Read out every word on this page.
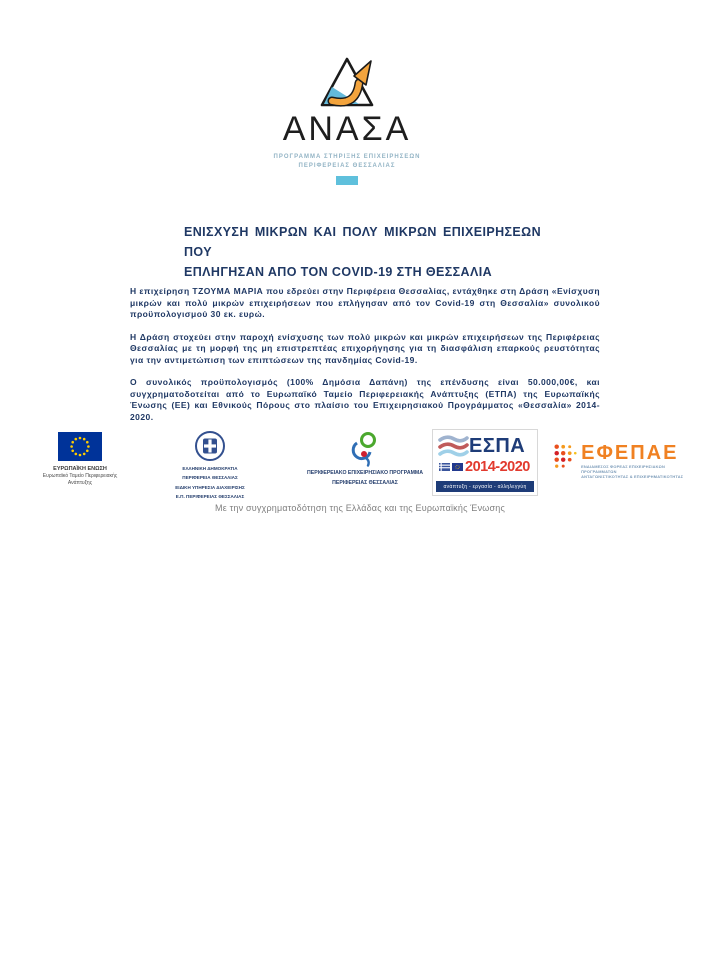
ΑΝΑΣΑ
ΠΡΟΓΡΑΜΜΑ ΣΤΗΡΙΞΗΣ ΕΠΙΧΕΙΡΗΣΕΩΝ
ΠΕΡΙΦΕΡΕΙΑΣ ΘΕΣΣΑΛΙΑΣ
ΕΝΙΣΧΥΣΗ ΜΙΚΡΩΝ ΚΑΙ ΠΟΛΥ ΜΙΚΡΩΝ ΕΠΙΧΕΙΡΗΣΕΩΝ ΠΟΥ
ΕΠΛΗΓΗΣΑΝ ΑΠΟ ΤΟΝ COVID-19 ΣΤΗ ΘΕΣΣΑΛΙΑ

Η επιχείρηση ΤΖΟΥΜΑ ΜΑΡΙΑ που εδρεύει στην Περιφέρεια Θεσσαλίας, εντάχθηκε στη Δράση «Ενίσχυση μικρών και πολύ μικρών επιχειρήσεων που επλήγησαν από τον Covid-19 στη Θεσσαλία» συνολικού προϋπολογισμού 30 εκ. ευρώ.

Η Δράση στοχεύει στην παροχή ενίσχυσης των πολύ μικρών και μικρών επιχειρήσεων της Περιφέρειας Θεσσαλίας με τη μορφή της μη επιστρεπτέας επιχορήγησης για τη διασφάλιση επαρκούς ρευστότητας για την αντιμετώπιση των επιπτώσεων της πανδημίας Covid-19.

Ο συνολικός προϋπολογισμός (100% Δημόσια Δαπάνη) της επένδυσης είναι 50.000,00€, και συγχρηματοδοτείται από το Ευρωπαϊκό Ταμείο Περιφερειακής Ανάπτυξης (ΕΤΠΑ) της Ευρωπαϊκής Ένωσης (ΕΕ) και Εθνικούς Πόρους στο πλαίσιο του Επιχειρησιακού Προγράμματος «Θεσσαλία» 2014-2020.

ΕΥΡΩΠΑΪΚΗ ΕΝΩΣΗ
Ευρωπαϊκό Ταμείο Περιφερειακής
Ανάπτυξης
ΕΛΛΗΝΙΚΗ ΔΗΜΟΚΡΑΤΙΑ
ΠΕΡΙΦΕΡΕΙΑ ΘΕΣΣΑΛΙΑΣ
ΕΙΔΙΚΗ ΥΠΗΡΕΣΙΑ ΔΙΑΧΕΙΡΙΣΗΣ
Ε.Π. ΠΕΡΙΦΕΡΕΙΑΣ ΘΕΣΣΑΛΙΑΣ
ΠΕΡΙΦΕΡΕΙΑΚΟ ΕΠΙΧΕΙΡΗΣΙΑΚΟ ΠΡΟΓΡΑΜΜΑ
ΠΕΡΙΦΕΡΕΙΑΣ ΘΕΣΣΑΛΙΑΣ
ΕΣΠΑ
2014-2020
ανάπτυξη - εργασία - αλληλεγγύη
ΕΦΕΠΑΕ
ΕΝΔΙΑΜΕΣΟΣ ΦΟΡΕΑΣ ΕΠΙΧΕΙΡΗΣΙΑΚΩΝ ΠΡΟΓΡΑΜΜΑΤΩΝ
ΑΝΤΑΓΩΝΙΣΤΙΚΟΤΗΤΑΣ & ΕΠΙΧΕΙΡΗΜΑΤΙΚΟΤΗΤΑΣ
Με την συγχρηματοδότηση της Ελλάδας και της Ευρωπαϊκής Ένωσης
